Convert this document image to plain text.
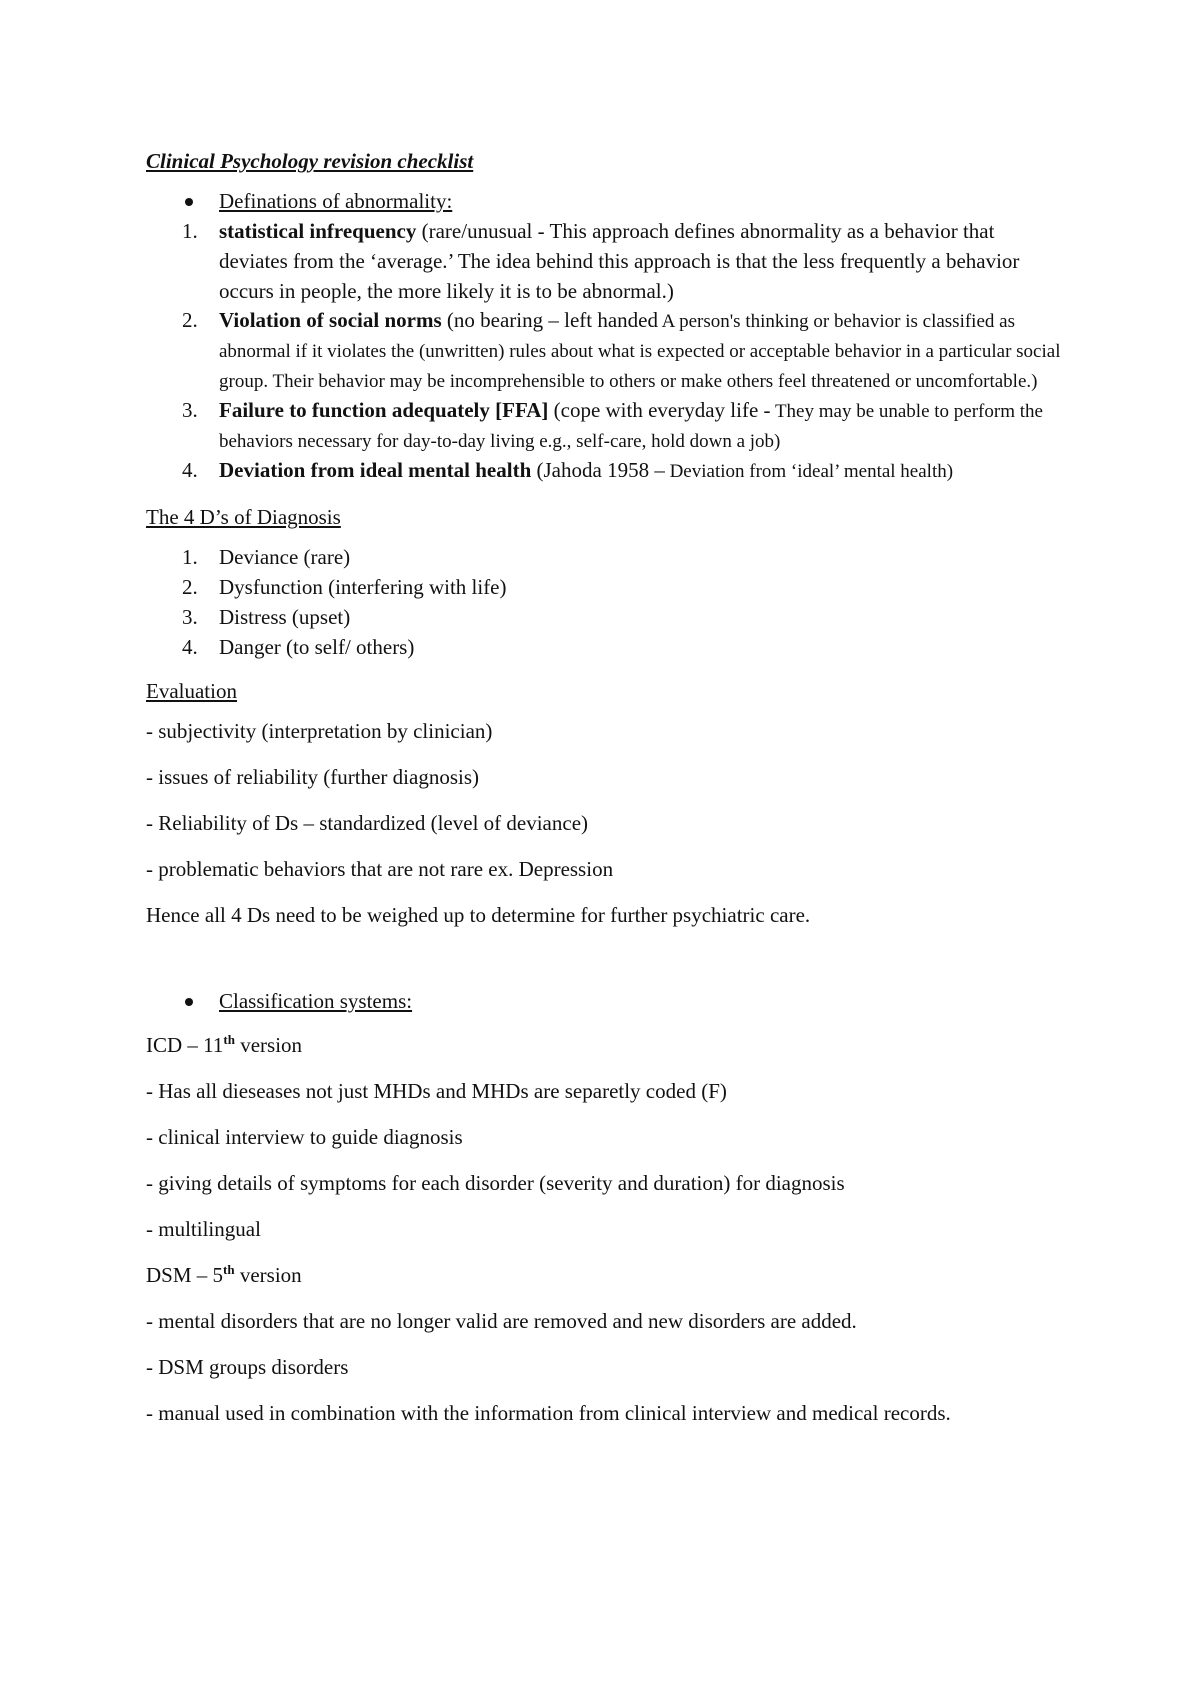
Clinical Psychology revision checklist
Definations of abnormality:
1. statistical infrequency (rare/unusual - This approach defines abnormality as a behavior that deviates from the ‘average.’ The idea behind this approach is that the less frequently a behavior occurs in people, the more likely it is to be abnormal.)
2. Violation of social norms (no bearing – left handed A person's thinking or behavior is classified as abnormal if it violates the (unwritten) rules about what is expected or acceptable behavior in a particular social group. Their behavior may be incomprehensible to others or make others feel threatened or uncomfortable.)
3. Failure to function adequately [FFA] (cope with everyday life - They may be unable to perform the behaviors necessary for day-to-day living e.g., self-care, hold down a job)
4. Deviation from ideal mental health (Jahoda 1958 – Deviation from ‘ideal’ mental health)
The 4 D’s of Diagnosis
1. Deviance (rare)
2. Dysfunction (interfering with life)
3. Distress (upset)
4. Danger (to self/ others)
Evaluation
- subjectivity (interpretation by clinician)
- issues of reliability (further diagnosis)
- Reliability of Ds – standardized (level of deviance)
- problematic behaviors that are not rare ex. Depression
Hence all 4 Ds need to be weighed up to determine for further psychiatric care.
Classification systems:
ICD – 11th version
- Has all dieseases not just MHDs and MHDs are separetly coded (F)
- clinical interview to guide diagnosis
- giving details of symptoms for each disorder (severity and duration) for diagnosis
- multilingual
DSM – 5th version
- mental disorders that are no longer valid are removed and new disorders are added.
- DSM groups disorders
- manual used in combination with the information from clinical interview and medical records.
